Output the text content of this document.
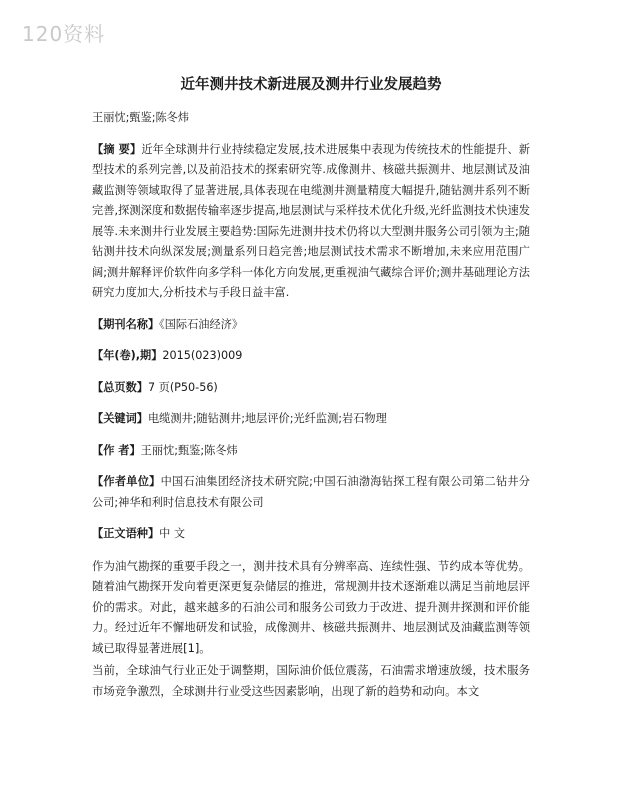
120资料
近年测井技术新进展及测井行业发展趋势
王丽忱;甄鉴;陈冬炜
【摘 要】近年全球测井行业持续稳定发展,技术进展集中表现为传统技术的性能提升、新型技术的系列完善,以及前沿技术的探索研究等.成像测井、核磁共振测井、地层测试及油藏监测等领域取得了显著进展,具体表现在电缆测井测量精度大幅提升,随钻测井系列不断完善,探测深度和数据传输率逐步提高,地层测试与采样技术优化升级,光纤监测技术快速发展等.未来测井行业发展主要趋势:国际先进测井技术仍将以大型测井服务公司引领为主;随钻测井技术向纵深发展;测量系列日趋完善;地层测试技术需求不断增加,未来应用范围广阔;测井解释评价软件向多学科一体化方向发展,更重视油气藏综合评价;测井基础理论方法研究力度加大,分析技术与手段日益丰富.
【期刊名称】《国际石油经济》
【年(卷),期】2015(023)009
【总页数】7 页(P50-56)
【关键词】电缆测井;随钻测井;地层评价;光纤监测;岩石物理
【作 者】王丽忱;甄鉴;陈冬炜
【作者单位】中国石油集团经济技术研究院;中国石油渤海钻探工程有限公司第二钻井分公司;神华和利时信息技术有限公司
【正文语种】中 文

作为油气勘探的重要手段之一，测井技术具有分辨率高、连续性强、节约成本等优势。随着油气勘探开发向着更深更复杂储层的推进，常规测井技术逐渐难以满足当前地层评价的需求。对此，越来越多的石油公司和服务公司致力于改进、提升测井探测和评价能力。经过近年不懈地研发和试验，成像测井、核磁共振测井、地层测试及油藏监测等领域已取得显著进展[1]。

当前，全球油气行业正处于调整期，国际油价低位震荡，石油需求增速放缓，技术服务市场竞争激烈，全球测井行业受这些因素影响，出现了新的趋势和动向。本文
